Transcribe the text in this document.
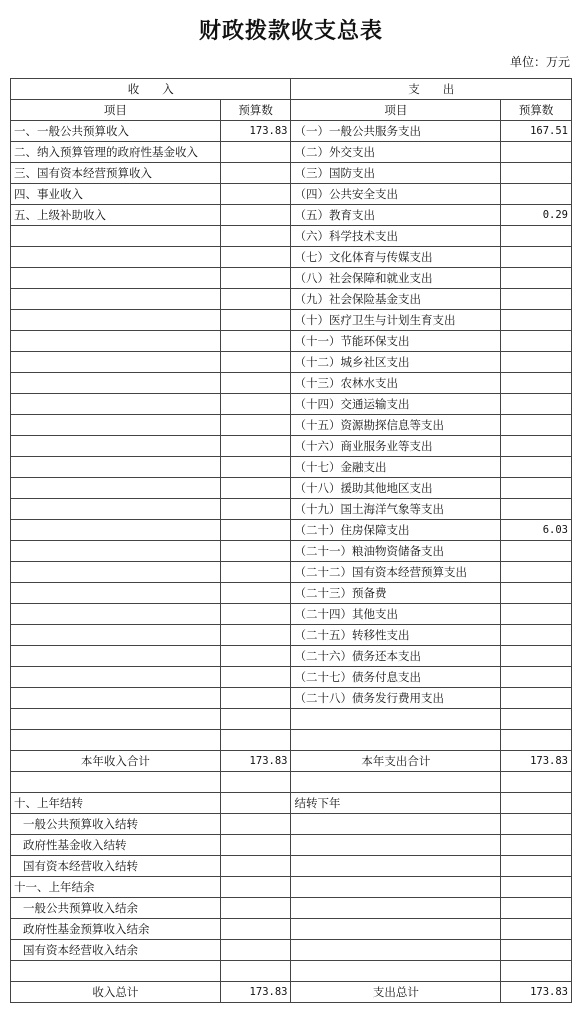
财政拨款收支总表
单位：万元
收　　入		支　　出	
项目	预算数	项目	预算数
一、一般公共预算收入	173.83	（一）一般公共服务支出	167.51
二、纳入预算管理的政府性基金收入		（二）外交支出	
三、国有资本经营预算收入		（三）国防支出	
四、事业收入		（四）公共安全支出	
五、上级补助收入		（五）教育支出	0.29
		（六）科学技术支出	
		（七）文化体育与传媒支出	
		（八）社会保障和就业支出	
		（九）社会保险基金支出	
		（十）医疗卫生与计划生育支出	
		（十一）节能环保支出	
		（十二）城乡社区支出	
		（十三）农林水支出	
		（十四）交通运输支出	
		（十五）资源勘探信息等支出	
		（十六）商业服务业等支出	
		（十七）金融支出	
		（十八）援助其他地区支出	
		（十九）国土海洋气象等支出	
		（二十）住房保障支出	6.03
		（二十一）粮油物资储备支出	
		（二十二）国有资本经营预算支出	
		（二十三）预备费	
		（二十四）其他支出	
		（二十五）转移性支出	
		（二十六）债务还本支出	
		（二十七）债务付息支出	
		（二十八）债务发行费用支出	

本年收入合计	173.83	本年支出合计	173.83

十、上年结转		结转下年	
一般公共预算收入结转			
政府性基金收入结转			
国有资本经营收入结转			
十一、上年结余			
一般公共预算收入结余			
政府性基金预算收入结余			
国有资本经营收入结余			

收入总计	173.83	支出总计	173.83
